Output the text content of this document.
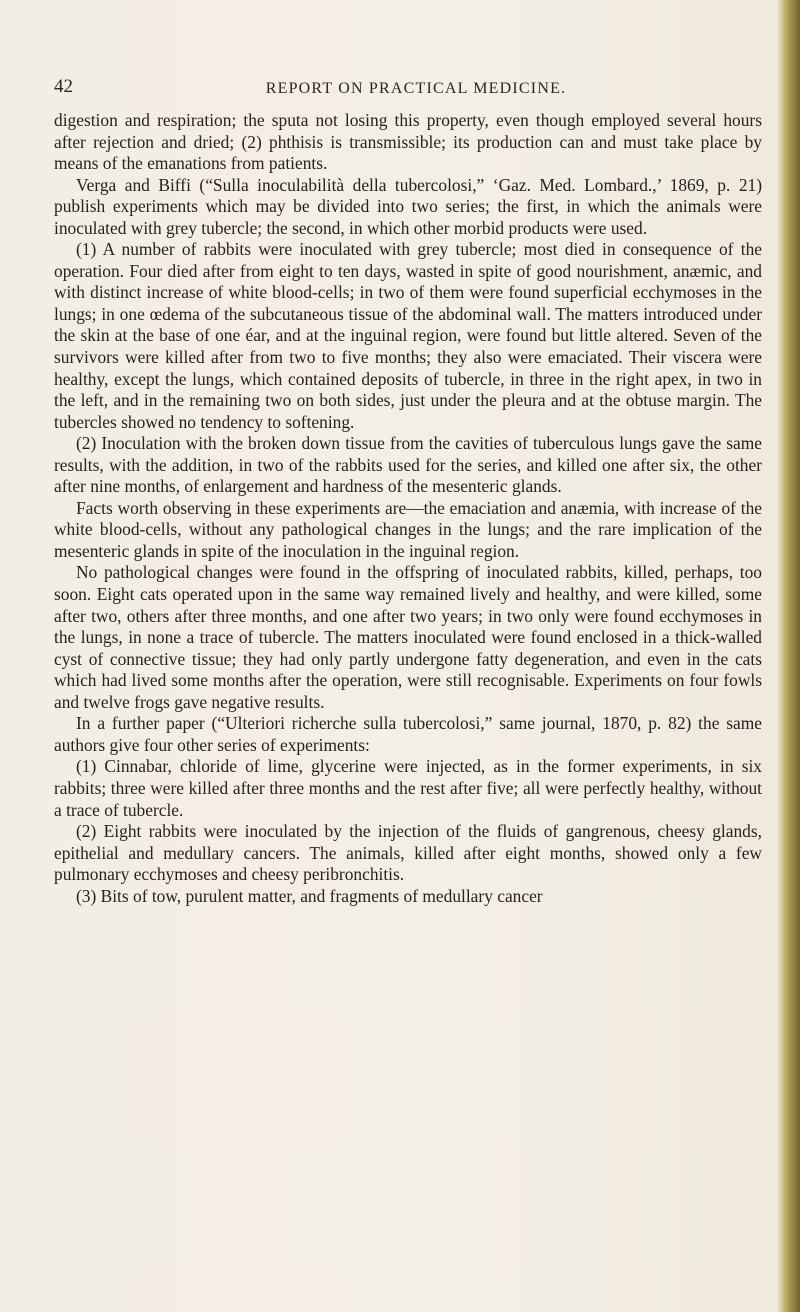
42	REPORT ON PRACTICAL MEDICINE.

digestion and respiration; the sputa not losing this property, even though employed several hours after rejection and dried; (2) phthisis is transmissible; its production can and must take place by means of the emanations from patients.

Verga and Biffi (“Sulla inoculabilità della tubercolosi,” ‘Gaz. Med. Lombard.,’ 1869, p. 21) publish experiments which may be divided into two series; the first, in which the animals were inoculated with grey tubercle; the second, in which other morbid products were used.

(1) A number of rabbits were inoculated with grey tubercle; most died in consequence of the operation. Four died after from eight to ten days, wasted in spite of good nourishment, anæmic, and with distinct increase of white blood-cells; in two of them were found superficial ecchymoses in the lungs; in one œdema of the subcutaneous tissue of the abdominal wall. The matters introduced under the skin at the base of one éar, and at the inguinal region, were found but little altered. Seven of the survivors were killed after from two to five months; they also were emaciated. Their viscera were healthy, except the lungs, which contained deposits of tubercle, in three in the right apex, in two in the left, and in the remaining two on both sides, just under the pleura and at the obtuse margin. The tubercles showed no tendency to softening.

(2) Inoculation with the broken down tissue from the cavities of tuberculous lungs gave the same results, with the addition, in two of the rabbits used for the series, and killed one after six, the other after nine months, of enlargement and hardness of the mesenteric glands.

Facts worth observing in these experiments are—the emaciation and anæmia, with increase of the white blood-cells, without any pathological changes in the lungs; and the rare implication of the mesenteric glands in spite of the inoculation in the inguinal region.

No pathological changes were found in the offspring of inoculated rabbits, killed, perhaps, too soon. Eight cats operated upon in the same way remained lively and healthy, and were killed, some after two, others after three months, and one after two years; in two only were found ecchymoses in the lungs, in none a trace of tubercle. The matters inoculated were found enclosed in a thick-walled cyst of connective tissue; they had only partly undergone fatty degeneration, and even in the cats which had lived some months after the operation, were still recognisable. Experiments on four fowls and twelve frogs gave negative results.

In a further paper (“Ulteriori richerche sulla tubercolosi,” same journal, 1870, p. 82) the same authors give four other series of experiments:

(1) Cinnabar, chloride of lime, glycerine were injected, as in the former experiments, in six rabbits; three were killed after three months and the rest after five; all were perfectly healthy, without a trace of tubercle.

(2) Eight rabbits were inoculated by the injection of the fluids of gangrenous, cheesy glands, epithelial and medullary cancers. The animals, killed after eight months, showed only a few pulmonary ecchymoses and cheesy peribronchitis.

(3) Bits of tow, purulent matter, and fragments of medullary cancer
